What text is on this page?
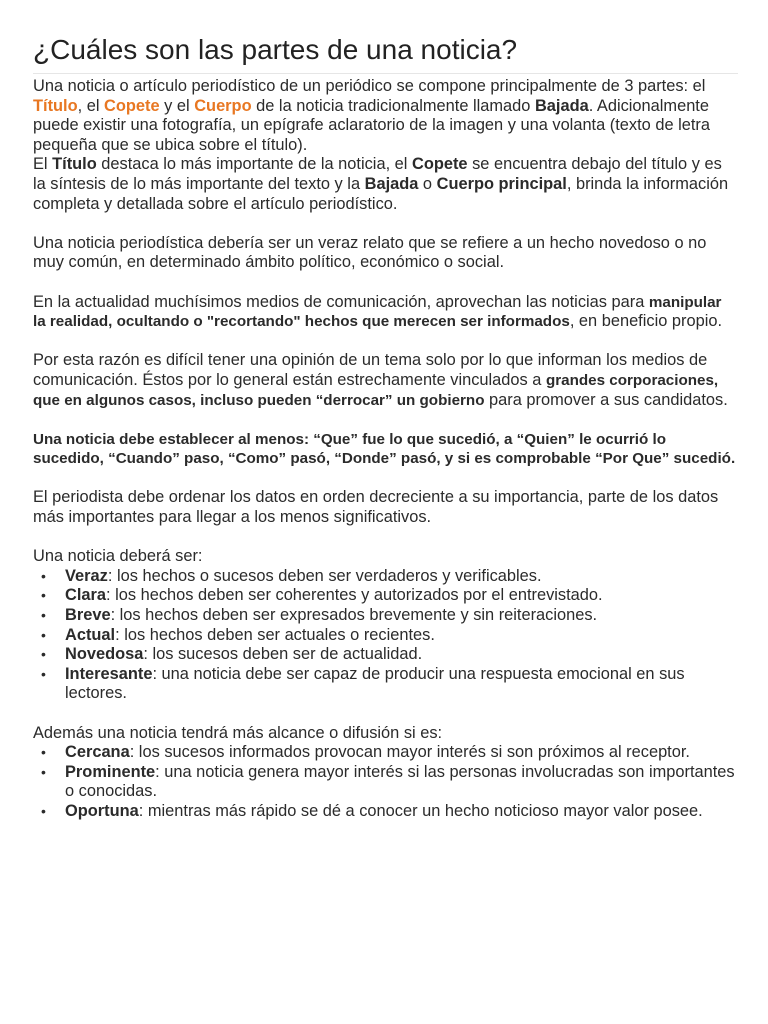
¿Cuáles son las partes de una noticia?

Una noticia o artículo periodístico de un periódico se compone principalmente de 3 partes: el Título, el Copete y el Cuerpo de la noticia tradicionalmente llamado Bajada. Adicionalmente puede existir una fotografía, un epígrafe aclaratorio de la imagen y una volanta (texto de letra pequeña que se ubica sobre el título).

El Título destaca lo más importante de la noticia, el Copete se encuentra debajo del título y es la síntesis de lo más importante del texto y la Bajada o Cuerpo principal, brinda la información completa y detallada sobre el artículo periodístico.

Una noticia periodística debería ser un veraz relato que se refiere a un hecho novedoso o no muy común, en determinado ámbito político, económico o social.

En la actualidad muchísimos medios de comunicación, aprovechan las noticias para manipular la realidad, ocultando o "recortando" hechos que merecen ser informados, en beneficio propio.

Por esta razón es difícil tener una opinión de un tema solo por lo que informan los medios de comunicación. Éstos por lo general están estrechamente vinculados a grandes corporaciones, que en algunos casos, incluso pueden “derrocar” un gobierno para promover a sus candidatos.

Una noticia debe establecer al menos: “Que” fue lo que sucedió, a “Quien” le ocurrió lo sucedido, “Cuando” paso, “Como” pasó, “Donde” pasó, y si es comprobable “Por Que” sucedió.

El periodista debe ordenar los datos en orden decreciente a su importancia, parte de los datos más importantes para llegar a los menos significativos.

Una noticia deberá ser:

• Veraz: los hechos o sucesos deben ser verdaderos y verificables.
• Clara: los hechos deben ser coherentes y autorizados por el entrevistado.
• Breve: los hechos deben ser expresados brevemente y sin reiteraciones.
• Actual: los hechos deben ser actuales o recientes.
• Novedosa: los sucesos deben ser de actualidad.
• Interesante: una noticia debe ser capaz de producir una respuesta emocional en sus lectores.

Además una noticia tendrá más alcance o difusión si es:

• Cercana: los sucesos informados provocan mayor interés si son próximos al receptor.
• Prominente: una noticia genera mayor interés si las personas involucradas son importantes o conocidas.
• Oportuna: mientras más rápido se dé a conocer un hecho noticioso mayor valor posee.
